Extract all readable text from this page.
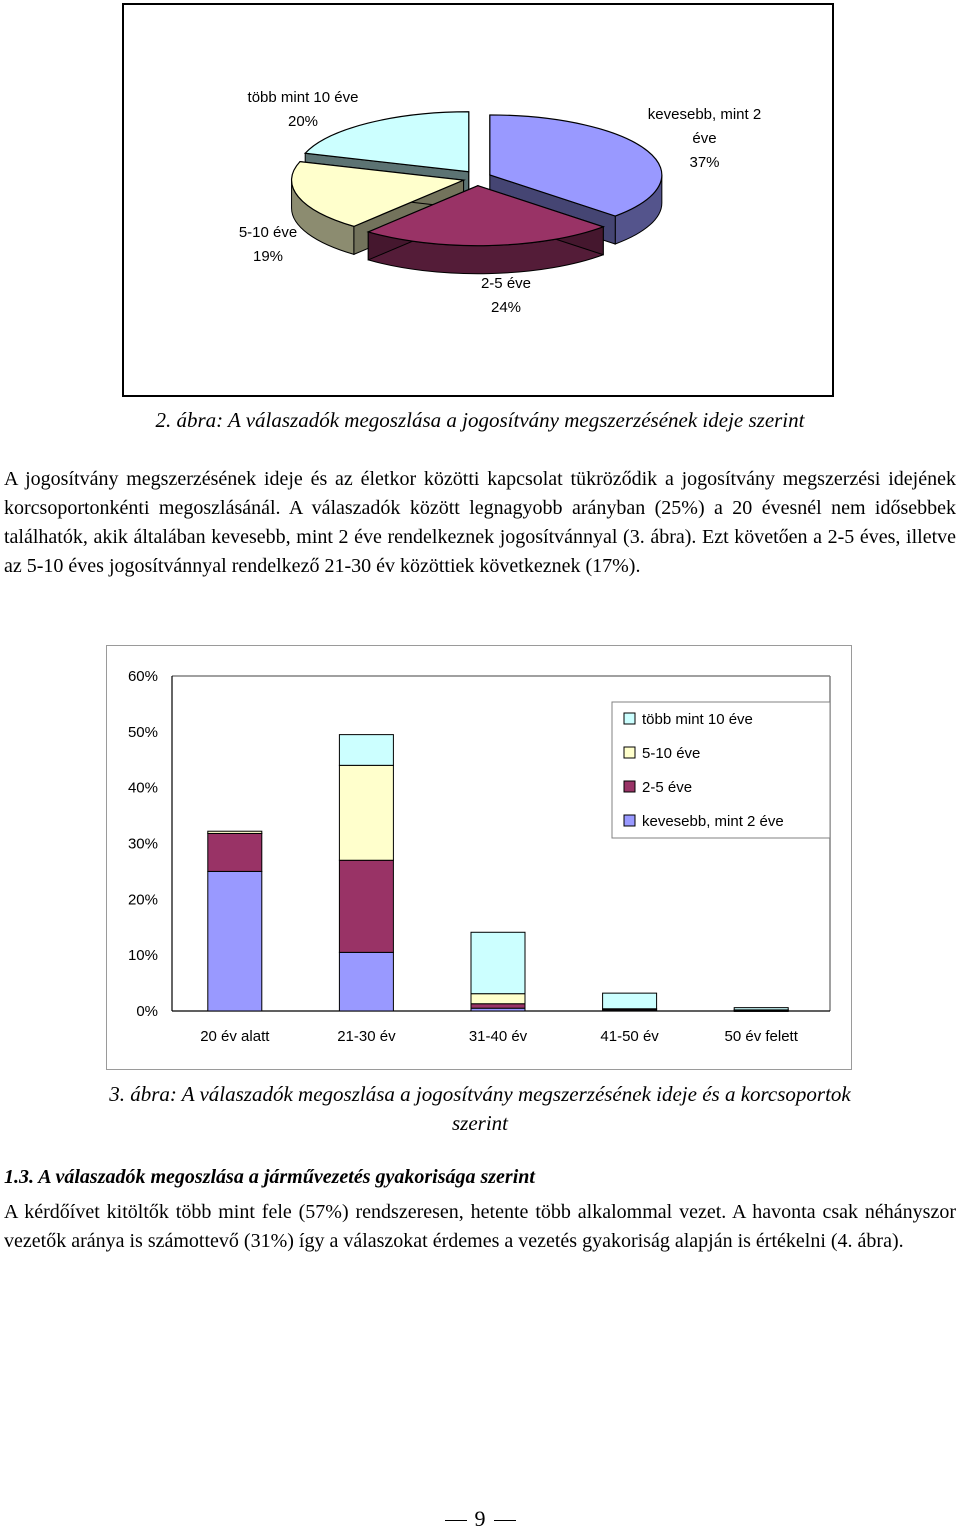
több mint 10 éve
20%	kevesebb, mint 2
éve
37%
5-10 éve
19%
2-5 éve
24%
2. ábra: A válaszadók megoszlása a jogosítvány megszerzésének ideje szerint
A jogosítvány megszerzésének ideje és az életkor közötti kapcsolat tükröződik a jogosítvány megszerzési idejének korcsoportonkénti megoszlásánál. A válaszadók között legnagyobb arányban (25%) a 20 évesnél nem idősebbek találhatók, akik általában kevesebb, mint 2 éve rendelkeznek jogosítvánnyal (3. ábra). Ezt követően a 2-5 éves, illetve az 5-10 éves jogosítvánnyal rendelkező 21-30 év közöttiek következnek (17%).
0%
10%
20%
30%
40%
50%
60%
20 év alatt	21-30 év	31-40 év	41-50 év	50 év felett
több mint 10 éve
5-10 éve
2-5 éve
kevesebb, mint 2 éve
3. ábra: A válaszadók megoszlása a jogosítvány megszerzésének ideje és a korcsoportok
szerint
1.3. A válaszadók megoszlása a járművezetés gyakorisága szerint
A kérdőívet kitöltők több mint fele (57%) rendszeresen, hetente több alkalommal vezet. A havonta csak néhányszor vezetők aránya is számottevő (31%) így a válaszokat érdemes a vezetés gyakoriság alapján is értékelni (4. ábra).
9
